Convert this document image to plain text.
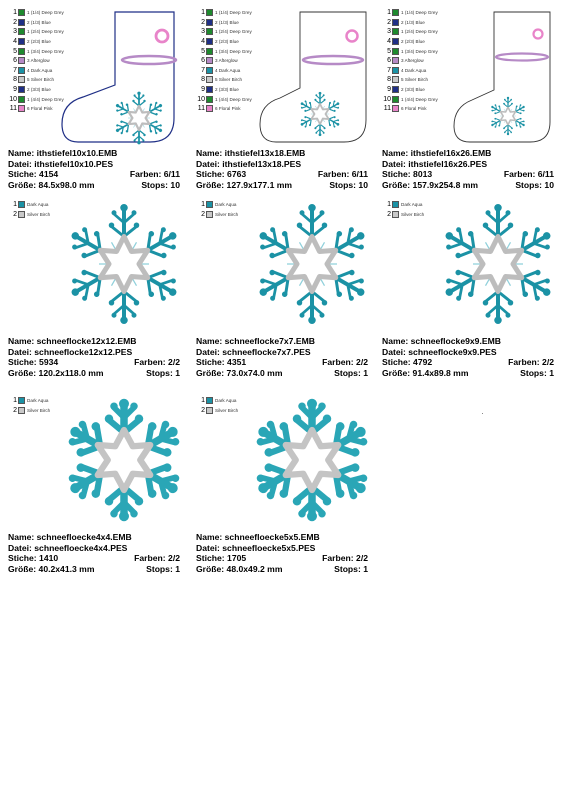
1 1 (1/4) Deep Grey
2 2 (1/3) Blue
3 1 (2/4) Deep Grey
4 2 (2/3) Blue
5 1 (3/4) Deep Grey
6 3 Afterglow
7 4 Dark Aqua
8 5 Silver Birch
9 2 (3/3) Blue
10 1 (4/4) Deep Grey
11 6 Floral Pink
Name: ithstiefel10x10.EMB
Datei: ithstiefel10x10.PES
Stiche: 4154	Farben: 6/11
Größe: 84.5x98.0 mm	Stops: 10
1 1 (1/4) Deep Grey
2 2 (1/3) Blue
3 1 (2/4) Deep Grey
4 2 (2/3) Blue
5 1 (3/4) Deep Grey
6 3 Afterglow
7 4 Dark Aqua
8 5 Silver Birch
9 2 (3/3) Blue
10 1 (4/4) Deep Grey
11 6 Floral Pink
Name: ithstiefel13x18.EMB
Datei: ithstiefel13x18.PES
Stiche: 6763	Farben: 6/11
Größe: 127.9x177.1 mm	Stops: 10
1 1 (1/4) Deep Grey
2 2 (1/3) Blue
3 1 (2/4) Deep Grey
4 2 (2/3) Blue
5 1 (3/4) Deep Grey
6 3 Afterglow
7 4 Dark Aqua
8 5 Silver Birch
9 2 (3/3) Blue
10 1 (4/4) Deep Grey
11 6 Floral Pink
Name: ithstiefel16x26.EMB
Datei: ithstiefel16x26.PES
Stiche: 8013	Farben: 6/11
Größe: 157.9x254.8 mm	Stops: 10
1 Dark Aqua
2 Silver Birch
Name: schneeflocke12x12.EMB
Datei: schneeflocke12x12.PES
Stiche: 5934	Farben: 2/2
Größe: 120.2x118.0 mm	Stops: 1
1 Dark Aqua
2 Silver Birch
Name: schneeflocke7x7.EMB
Datei: schneeflocke7x7.PES
Stiche: 4351	Farben: 2/2
Größe: 73.0x74.0 mm	Stops: 1
1 Dark Aqua
2 Silver Birch
Name: schneeflocke9x9.EMB
Datei: schneeflocke9x9.PES
Stiche: 4792	Farben: 2/2
Größe: 91.4x89.8 mm	Stops: 1
1 Dark Aqua
2 Silver Birch
Name: schneefloecke4x4.EMB
Datei: schneefloecke4x4.PES
Stiche: 1410	Farben: 2/2
Größe: 40.2x41.3 mm	Stops: 1
1 Dark Aqua
2 Silver Birch
Name: schneefloecke5x5.EMB
Datei: schneefloecke5x5.PES
Stiche: 1705	Farben: 2/2
Größe: 48.0x49.2 mm	Stops: 1
